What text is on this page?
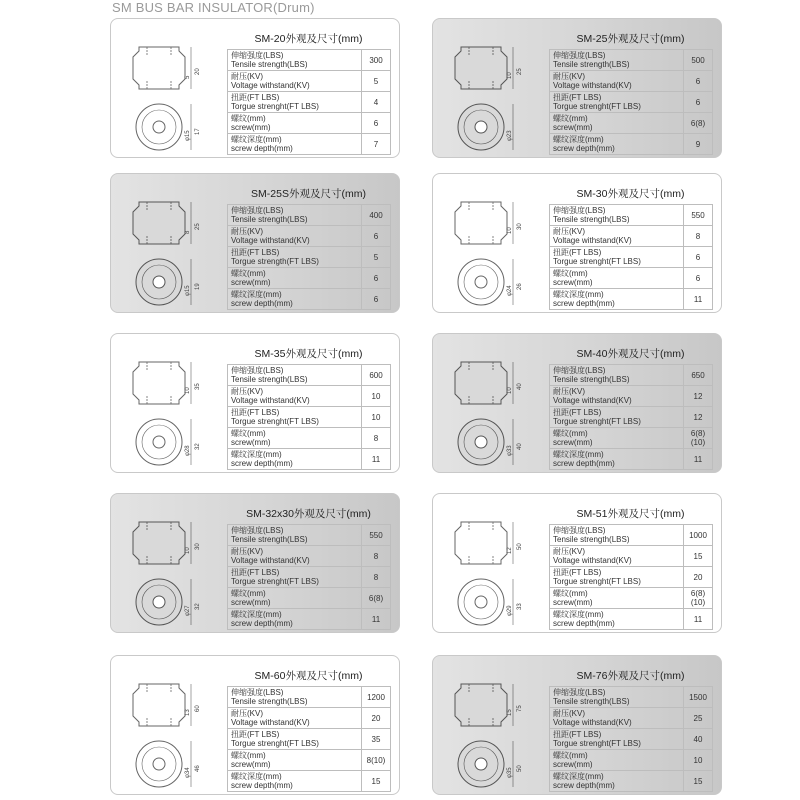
SM BUS BAR INSULATOR(Drum)
5
20
φ15 17
SM-20外观及尺寸(mm)
伸缩强度(LBS)
Tensile strength(LBS)	300

耐压(KV)
Voltage withstand(KV)	5

扭距(FT LBS)
Torgue strenght(FT LBS)	4

螺纹(mm)
screw(mm)	6

螺纹深度(mm)
screw depth(mm)	7
10
25
φ23
SM-25外观及尺寸(mm)
伸缩强度(LBS)
Tensile strength(LBS)	500

耐压(KV)
Voltage withstand(KV)	6

扭距(FT LBS)
Torgue strenght(FT LBS)	6

螺纹(mm)
screw(mm)	6(8)

螺纹深度(mm)
screw depth(mm)	9
8
25
φ15 19
SM-25S外观及尺寸(mm)
伸缩强度(LBS)
Tensile strength(LBS)	400

耐压(KV)
Voltage withstand(KV)	6

扭距(FT LBS)
Torgue strength(FT LBS)	5

螺纹(mm)
screw(mm)	6

螺纹深度(mm)
screw depth(mm)	6
10
30
φ24 26
SM-30外观及尺寸(mm)
伸缩强度(LBS)
Tensile strength(LBS)	550

耐压(KV)
Voltage withstand(KV)	8

扭距(FT LBS)
Torgue strenght(FT LBS)	6

螺纹(mm)
screw(mm)	6

螺纹深度(mm)
screw depth(mm)	11
10
35
φ28 32
SM-35外观及尺寸(mm)
伸缩强度(LBS)
Tensile strength(LBS)	600

耐压(KV)
Voltage withstand(KV)	10

扭距(FT LBS)
Torgue strenght(FT LBS)	10

螺纹(mm)
screw(mm)	8

螺纹深度(mm)
screw depth(mm)	11
10
40
φ33 40
SM-40外观及尺寸(mm)
伸缩强度(LBS)
Tensile strength(LBS)	650

耐压(KV)
Voltage withstand(KV)	12

扭距(FT LBS)
Torgue strenght(FT LBS)	12

螺纹(mm)
screw(mm)	6(8)(10)

螺纹深度(mm)
screw depth(mm)	11
10
30
φ27 32
SM-32x30外观及尺寸(mm)
伸缩强度(LBS)
Tensile strength(LBS)	550

耐压(KV)
Voltage withstand(KV)	8

扭距(FT LBS)
Torgue strenght(FT LBS)	8

螺纹(mm)
screw(mm)	6(8)

螺纹深度(mm)
screw depth(mm)	11
12
50
φ29 33
SM-51外观及尺寸(mm)
伸缩强度(LBS)
Tensile strength(LBS)	1000

耐压(KV)
Voltage withstand(KV)	15

扭距(FT LBS)
Torgue strenght(FT LBS)	20

螺纹(mm)
screw(mm)	6(8)(10)

螺纹深度(mm)
screw depth(mm)	11
13
60
φ34 46
SM-60外观及尺寸(mm)
伸缩强度(LBS)
Tensile strength(LBS)	1200

耐压(KV)
Voltage withstand(KV)	20

扭距(FT LBS)
Torgue strenght(FT LBS)	35

螺纹(mm)
screw(mm)	8(10)

螺纹深度(mm)
screw depth(mm)	15
15
75
φ35 50
SM-76外观及尺寸(mm)
伸缩强度(LBS)
Tensile strength(LBS)	1500

耐压(KV)
Voltage withstand(KV)	25

扭距(FT LBS)
Torgue strenght(FT LBS)	40

螺纹(mm)
screw(mm)	10

螺纹深度(mm)
screw depth(mm)	15
